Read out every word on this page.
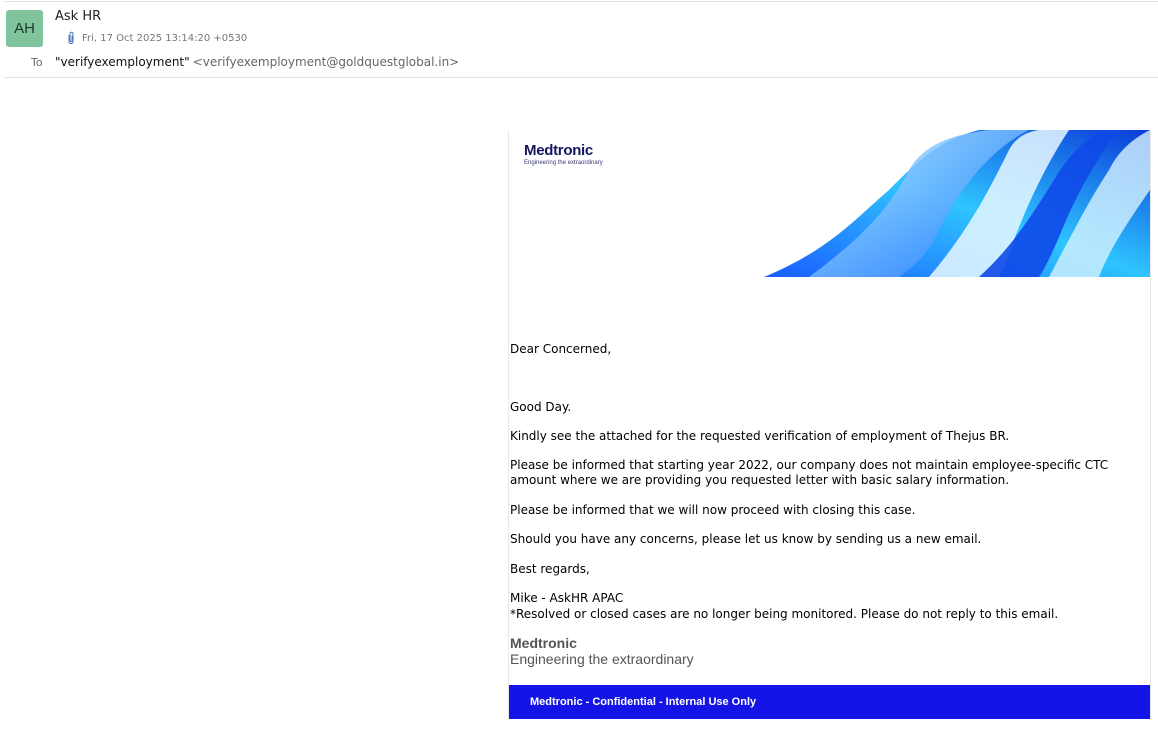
AH
Ask HR
Fri, 17 Oct 2025 13:14:20 +0530
To	"verifyexemployment" <verifyexemployment@goldquestglobal.in>
Medtronic
Engineering the extraordinary

Dear Concerned,

Good Day.

Kindly see the attached for the requested verification of employment of Thejus BR.

Please be informed that starting year 2022, our company does not maintain employee-specific CTC amount where we are providing you requested letter with basic salary information.

Please be informed that we will now proceed with closing this case.

Should you have any concerns, please let us know by sending us a new email.

Best regards,

Mike - AskHR APAC

*Resolved or closed cases are no longer being monitored. Please do not reply to this email.

Medtronic
Engineering the extraordinary
Medtronic - Confidential - Internal Use Only
